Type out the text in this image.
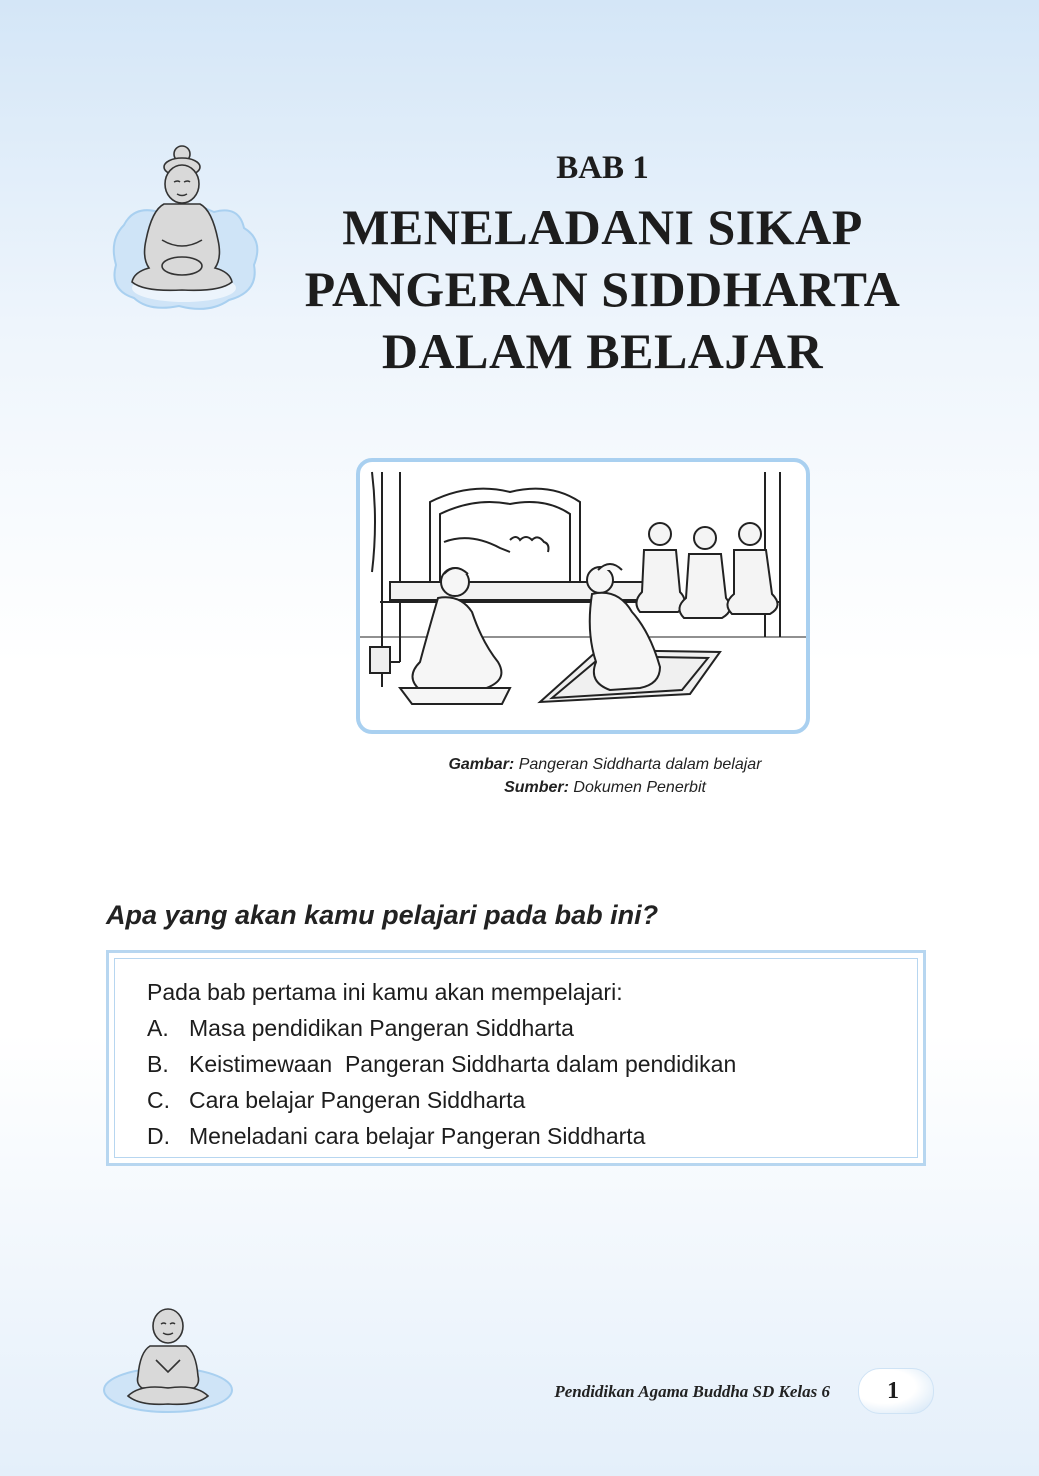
BAB 1
MENELADANI SIKAP
PANGERAN SIDDHARTA
DALAM BELAJAR
Gambar: Pangeran Siddharta dalam belajar
Sumber: Dokumen Penerbit
Apa yang akan kamu pelajari pada bab ini?
Pada bab pertama ini kamu akan mempelajari:
A. Masa pendidikan Pangeran Siddharta
B. Keistimewaan  Pangeran Siddharta dalam pendidikan
C. Cara belajar Pangeran Siddharta
D. Meneladani cara belajar Pangeran Siddharta
Pendidikan Agama Buddha SD Kelas 6 1
